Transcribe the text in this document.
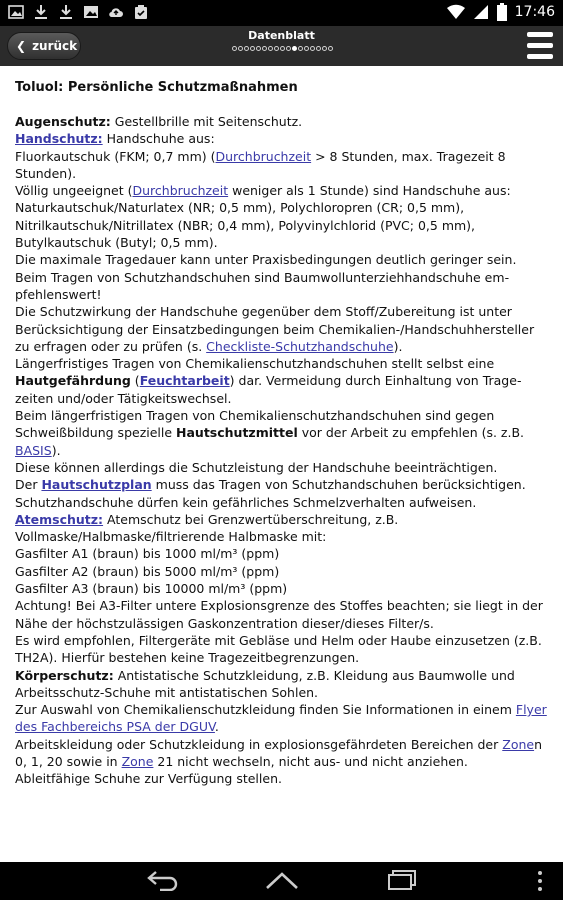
17:46
❮ zurück
Datenblatt
Toluol: Persönliche Schutzmaßnahmen

Augenschutz: Gestellbrille mit Seitenschutz.

Handschutz: Handschuhe aus:

Fluorkautschuk (FKM; 0,7 mm) (Durchbruchzeit > 8 Stunden, max. Tragezeit 8 Stunden).

Völlig ungeeignet (Durchbruchzeit weniger als 1 Stunde) sind Handschuhe aus: Naturkautschuk/Naturlatex (NR; 0,5 mm), Polychloropren (CR; 0,5 mm), Nitrilkautschuk/Nitrillatex (NBR; 0,4 mm), Polyvinylchlorid (PVC; 0,5 mm), Butylkautschuk (Butyl; 0,5 mm).

Die maximale Tragedauer kann unter Praxisbedingungen deutlich geringer sein.

Beim Tragen von Schutzhandschuhen sind Baumwollunterziehhandschuhe empfehlenswert!

Die Schutzwirkung der Handschuhe gegenüber dem Stoff/Zubereitung ist unter Berücksichtigung der Einsatzbedingungen beim Chemikalien-/Handschuhhersteller zu erfragen oder zu prüfen (s. Checkliste-Schutzhandschuhe).

Längerfristiges Tragen von Chemikalienschutzhandschuhen stellt selbst eine Hautgefährdung (Feuchtarbeit) dar. Vermeidung durch Einhaltung von Tragezeiten und/oder Tätigkeitswechsel.

Beim längerfristigen Tragen von Chemikalienschutzhandschuhen sind gegen Schweißbildung spezielle Hautschutzmittel vor der Arbeit zu empfehlen (s. z.B. BASIS).

Diese können allerdings die Schutzleistung der Handschuhe beeinträchtigen.

Der Hautschutzplan muss das Tragen von Schutzhandschuhen berücksichtigen.

Schutzhandschuhe dürfen kein gefährliches Schmelzverhalten aufweisen.

Atemschutz: Atemschutz bei Grenzwertüberschreitung, z.B. Vollmaske/Halbmaske/filtrierende Halbmaske mit:

Gasfilter A1 (braun) bis 1000 ml/m³ (ppm)

Gasfilter A2 (braun) bis 5000 ml/m³ (ppm)

Gasfilter A3 (braun) bis 10000 ml/m³ (ppm)

Achtung! Bei A3-Filter untere Explosionsgrenze des Stoffes beachten; sie liegt in der Nähe der höchstzulässigen Gaskonzentration dieser/dieses Filter/s.

Es wird empfohlen, Filtergeräte mit Gebläse und Helm oder Haube einzusetzen (z.B. TH2A). Hierfür bestehen keine Tragezeitbegrenzungen.

Körperschutz: Antistatische Schutzkleidung, z.B. Kleidung aus Baumwolle und Arbeitsschutz-Schuhe mit antistatischen Sohlen.

Zur Auswahl von Chemikalienschutzkleidung finden Sie Informationen in einem Flyer des Fachbereichs PSA der DGUV.

Arbeitskleidung oder Schutzkleidung in explosionsgefährdeten Bereichen der Zonen 0, 1, 20 sowie in Zone 21 nicht wechseln, nicht aus- und nicht anziehen.

Ableitfähige Schuhe zur Verfügung stellen.
